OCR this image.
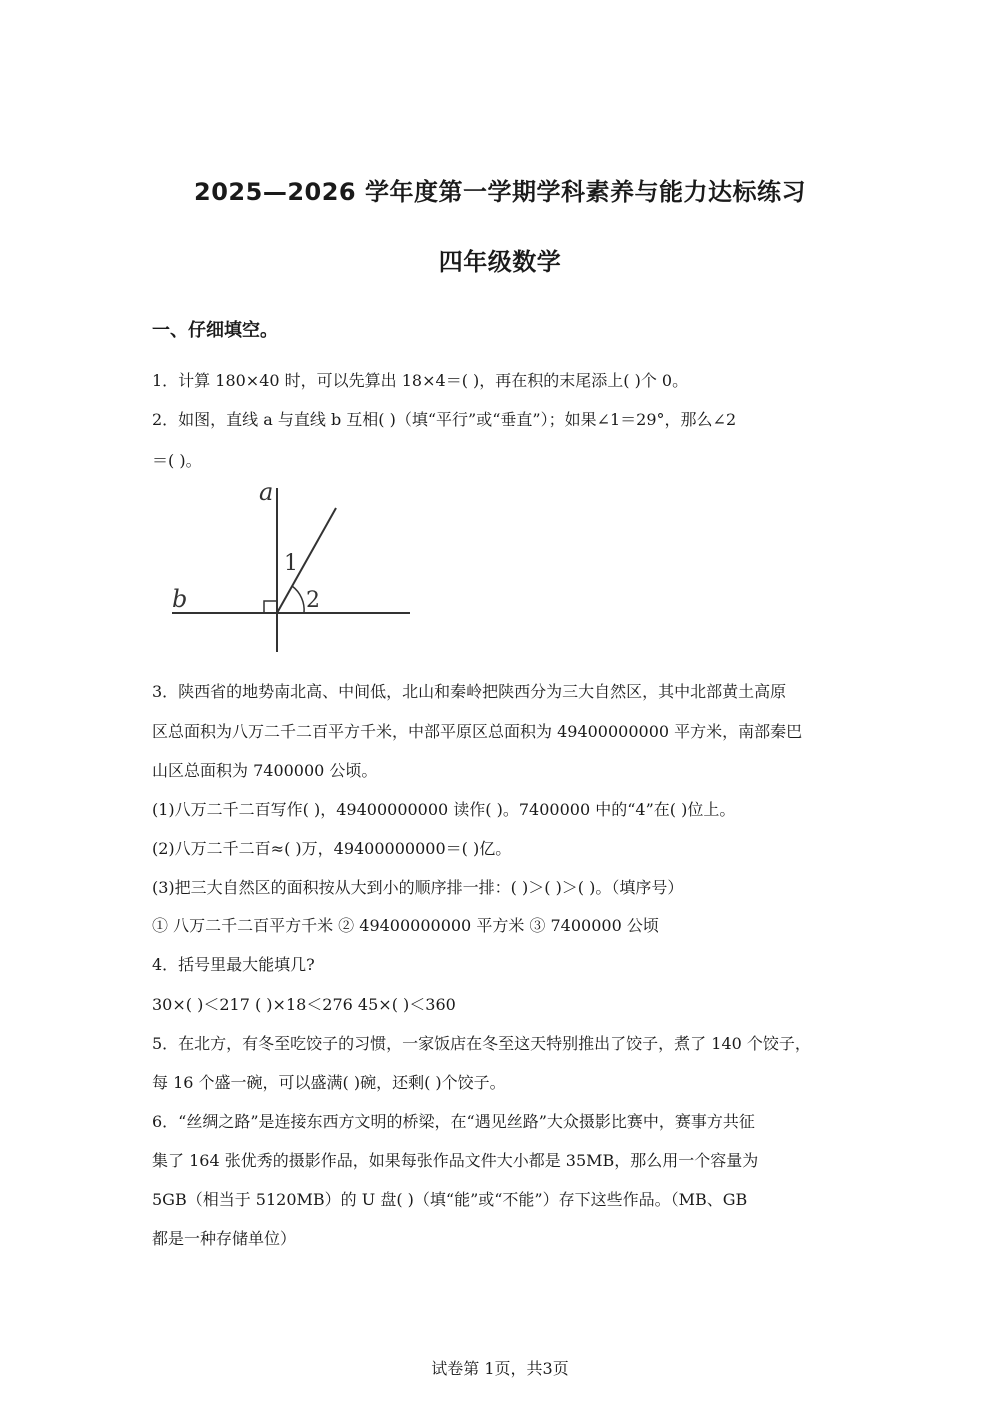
2025—2026 学年度第一学期学科素养与能力达标练习
四年级数学
一、仔细填空。
1．计算 180×40 时，可以先算出 18×4＝( )，再在积的末尾添上( )个 0。
2．如图，直线 a 与直线 b 互相( )（填“平行”或“垂直”）；如果∠1＝29°，那么∠2
＝( )。
a
b
1
2
3．陕西省的地势南北高、中间低，北山和秦岭把陕西分为三大自然区，其中北部黄土高原
区总面积为八万二千二百平方千米，中部平原区总面积为 49400000000 平方米，南部秦巴
山区总面积为 7400000 公顷。
(1)八万二千二百写作( )，49400000000 读作( )。7400000 中的“4”在( )位上。
(2)八万二千二百≈( )万，49400000000＝( )亿。
(3)把三大自然区的面积按从大到小的顺序排一排：( )＞( )＞( )。（填序号）
① 八万二千二百平方千米 ② 49400000000 平方米 ③ 7400000 公顷
4．括号里最大能填几?
30×( )＜217 ( )×18＜276 45×( )＜360
5．在北方，有冬至吃饺子的习惯，一家饭店在冬至这天特别推出了饺子，煮了 140 个饺子，
每 16 个盛一碗，可以盛满( )碗，还剩( )个饺子。
6．“丝绸之路”是连接东西方文明的桥梁，在“遇见丝路”大众摄影比赛中，赛事方共征
集了 164 张优秀的摄影作品，如果每张作品文件大小都是 35MB，那么用一个容量为
5GB（相当于 5120MB）的 U 盘( )（填“能”或“不能”）存下这些作品。（MB、GB
都是一种存储单位）
试卷第 1页，共3页
